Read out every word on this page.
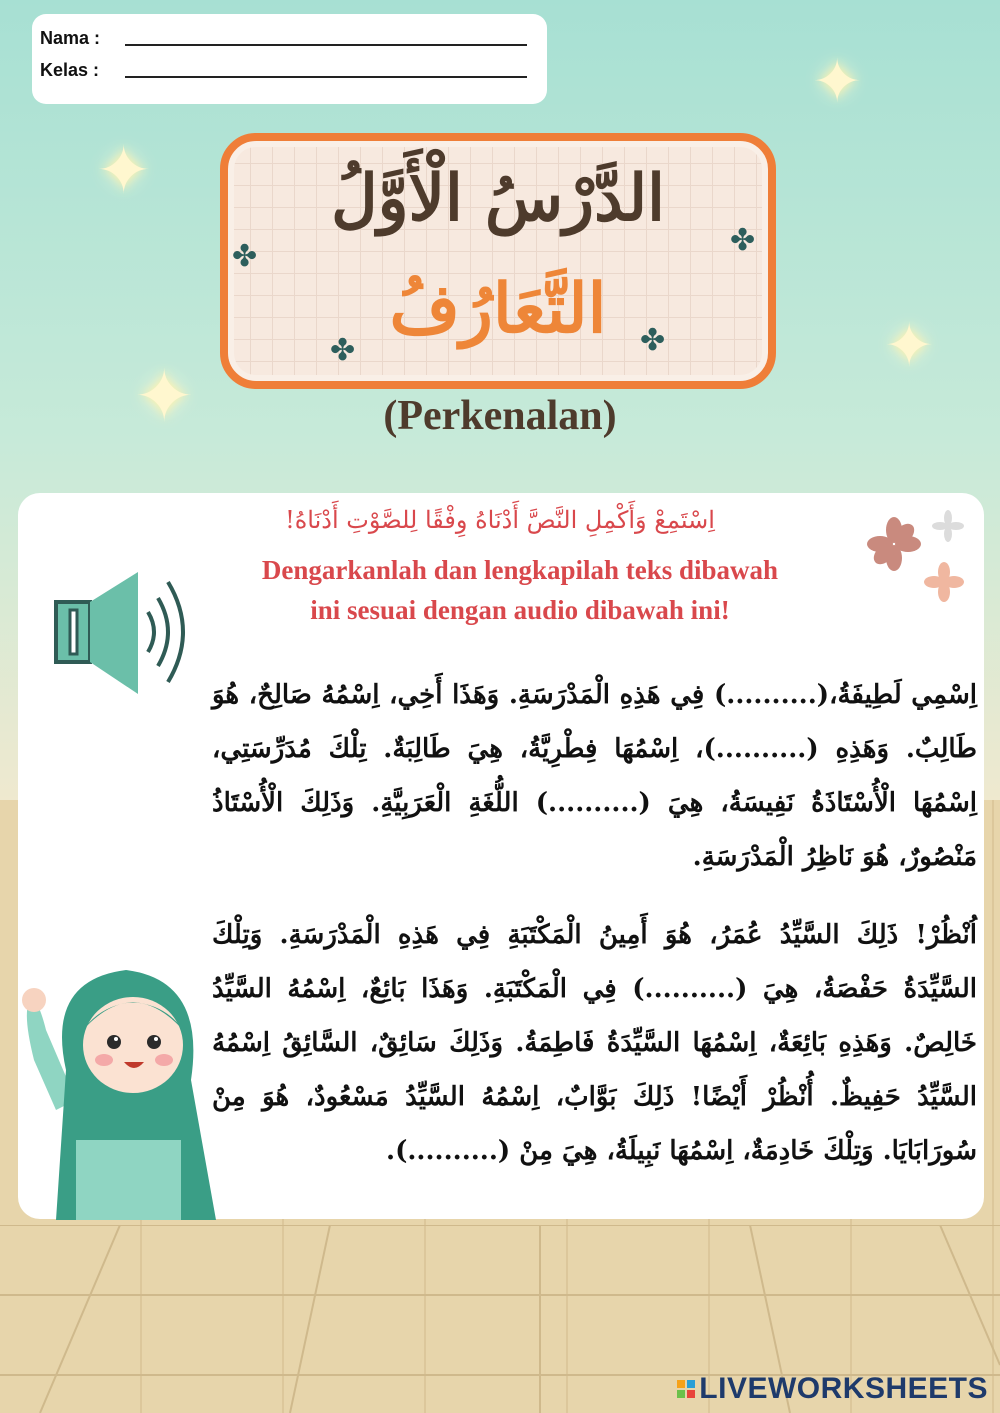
Nama :
Kelas :
✦
✦
✦
✦
الدَّرْسُ الْأَوَّلُ
التَّعَارُفُ
✤	✤
✤	✤
(Perkenalan)
اِسْتَمِعْ وَأَكْمِلِ النَّصَّ أَدْنَاهُ وِفْقًا لِلصَّوْتِ أَدْنَاهُ!
Dengarkanlah dan lengkapilah teks dibawah
ini sesuai dengan audio dibawah ini!
اِسْمِي لَطِيفَةُ،(..........) فِي هَذِهِ الْمَدْرَسَةِ. وَهَذَا أَخِي، اِسْمُهُ صَالِحٌ، هُوَ طَالِبٌ. وَهَذِهِ (..........)، اِسْمُهَا فِطْرِيَّةُ، هِيَ طَالِبَةٌ. تِلْكَ مُدَرِّسَتِي، اِسْمُهَا الْأُسْتَاذَةُ نَفِيسَةُ، هِيَ (..........) اللُّغَةِ الْعَرَبِيَّةِ. وَذَلِكَ الْأُسْتَاذُ مَنْصُورٌ، هُوَ نَاظِرُ الْمَدْرَسَةِ.
اُنْظُرْ! ذَلِكَ السَّيِّدُ عُمَرُ، هُوَ أَمِينُ الْمَكْتَبَةِ فِي هَذِهِ الْمَدْرَسَةِ. وَتِلْكَ السَّيِّدَةُ حَفْصَةُ، هِيَ (..........) فِي الْمَكْتَبَةِ. وَهَذَا بَائِعٌ، اِسْمُهُ السَّيِّدُ خَالِصٌ. وَهَذِهِ بَائِعَةٌ، اِسْمُهَا السَّيِّدَةُ فَاطِمَةُ. وَذَلِكَ سَائِقٌ، السَّائِقُ اِسْمُهُ السَّيِّدُ حَفِيظٌ. أُنْظُرْ أَيْضًا! ذَلِكَ بَوَّابٌ، اِسْمُهُ السَّيِّدُ مَسْعُودٌ، هُوَ مِنْ سُورَابَايَا. وَتِلْكَ خَادِمَةٌ، اِسْمُهَا نَبِيلَةُ، هِيَ مِنْ (..........).
LIVEWORKSHEETS
